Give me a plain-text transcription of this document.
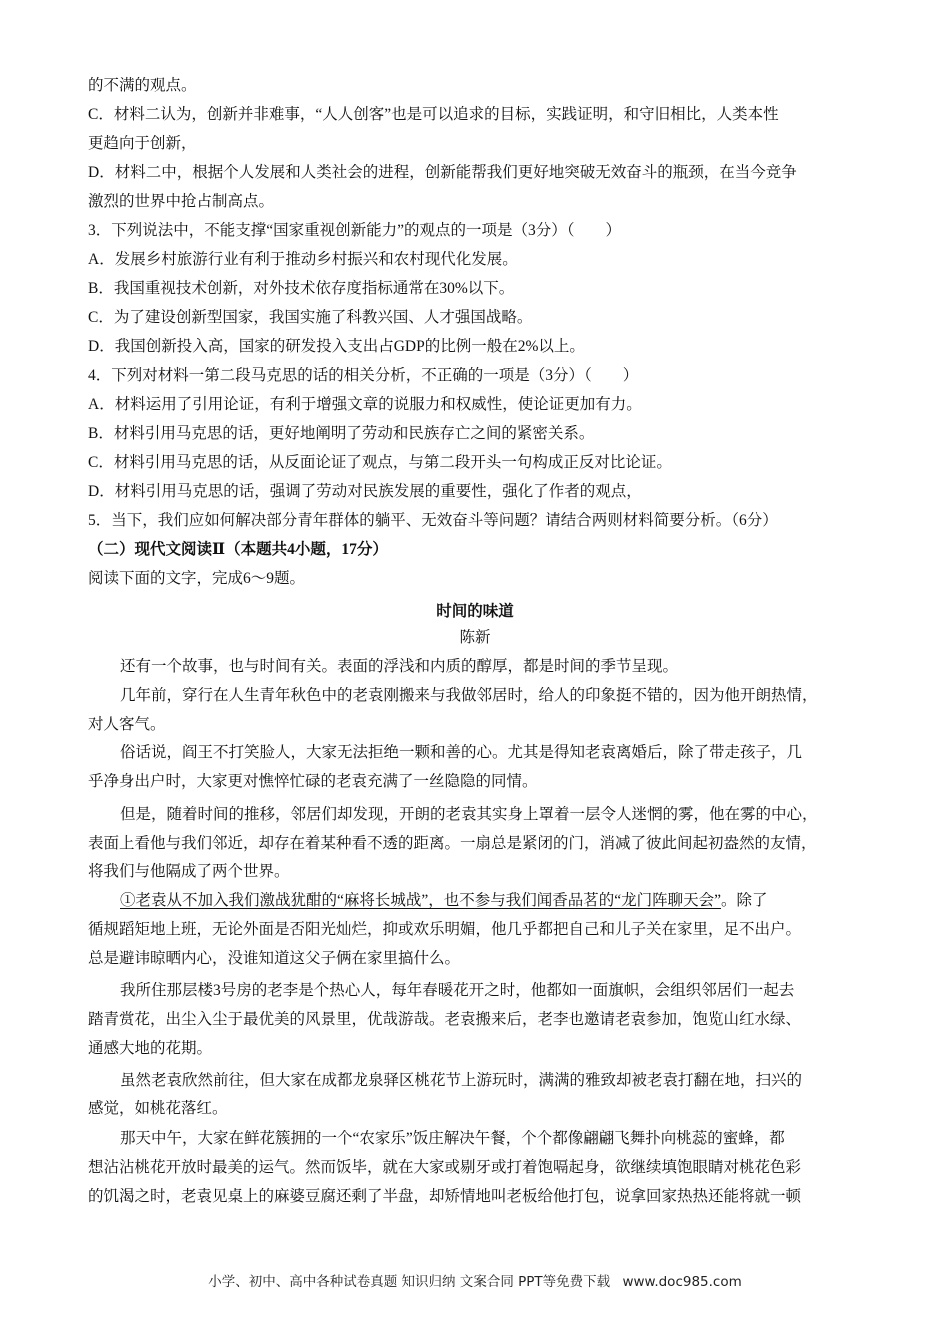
的不满的观点。
C．材料二认为，创新并非难事，“人人创客”也是可以追求的目标，实践证明，和守旧相比，人类本性
更趋向于创新，
D．材料二中，根据个人发展和人类社会的进程，创新能帮我们更好地突破无效奋斗的瓶颈，在当今竞争
激烈的世界中抢占制高点。
3．下列说法中，不能支撑“国家重视创新能力”的观点的一项是（3分）（　　）
A．发展乡村旅游行业有利于推动乡村振兴和农村现代化发展。
B．我国重视技术创新，对外技术依存度指标通常在30%以下。
C．为了建设创新型国家，我国实施了科教兴国、人才强国战略。
D．我国创新投入高，国家的研发投入支出占GDP的比例一般在2%以上。
4．下列对材料一第二段马克思的话的相关分析，不正确的一项是（3分）（　　）
A．材料运用了引用论证，有利于增强文章的说服力和权威性，使论证更加有力。
B．材料引用马克思的话，更好地阐明了劳动和民族存亡之间的紧密关系。
C．材料引用马克思的话，从反面论证了观点，与第二段开头一句构成正反对比论证。
D．材料引用马克思的话，强调了劳动对民族发展的重要性，强化了作者的观点，
5．当下，我们应如何解决部分青年群体的躺平、无效奋斗等问题？请结合两则材料简要分析。（6分）
（二）现代文阅读Ⅱ（本题共4小题，17分）
阅读下面的文字，完成6～9题。
时间的味道
陈新
还有一个故事，也与时间有关。表面的浮浅和内质的醇厚，都是时间的季节呈现。
几年前，穿行在人生青年秋色中的老袁刚搬来与我做邻居时，给人的印象挺不错的，因为他开朗热情，
对人客气。
俗话说，阎王不打笑脸人，大家无法拒绝一颗和善的心。尤其是得知老袁离婚后，除了带走孩子，几
乎净身出户时，大家更对憔悴忙碌的老袁充满了一丝隐隐的同情。
但是，随着时间的推移，邻居们却发现，开朗的老袁其实身上罩着一层令人迷惘的雾，他在雾的中心，
表面上看他与我们邻近，却存在着某种看不透的距离。一扇总是紧闭的门，消减了彼此间起初盎然的友情，
将我们与他隔成了两个世界。
①老袁从不加入我们激战犹酣的“麻将长城战”，也不参与我们闻香品茗的“龙门阵聊天会”。除了
循规蹈矩地上班，无论外面是否阳光灿烂，抑或欢乐明媚，他几乎都把自己和儿子关在家里，足不出户。
总是避讳晾晒内心，没谁知道这父子俩在家里搞什么。
我所住那层楼3号房的老李是个热心人，每年春暖花开之时，他都如一面旗帜，会组织邻居们一起去
踏青赏花，出尘入尘于最优美的风景里，优哉游哉。老袁搬来后，老李也邀请老袁参加，饱览山红水绿、
通感大地的花期。
虽然老袁欣然前往，但大家在成都龙泉驿区桃花节上游玩时，满满的雅致却被老袁打翻在地，扫兴的
感觉，如桃花落红。
那天中午，大家在鲜花簇拥的一个“农家乐”饭庄解决午餐，个个都像翩翩飞舞扑向桃蕊的蜜蜂，都
想沾沾桃花开放时最美的运气。然而饭毕，就在大家或剔牙或打着饱嗝起身，欲继续填饱眼睛对桃花色彩
的饥渴之时，老袁见桌上的麻婆豆腐还剩了半盘，却矫情地叫老板给他打包，说拿回家热热还能将就一顿
小学、初中、高中各种试卷真题 知识归纳 文案合同 PPT等免费下载 www.doc985.com
